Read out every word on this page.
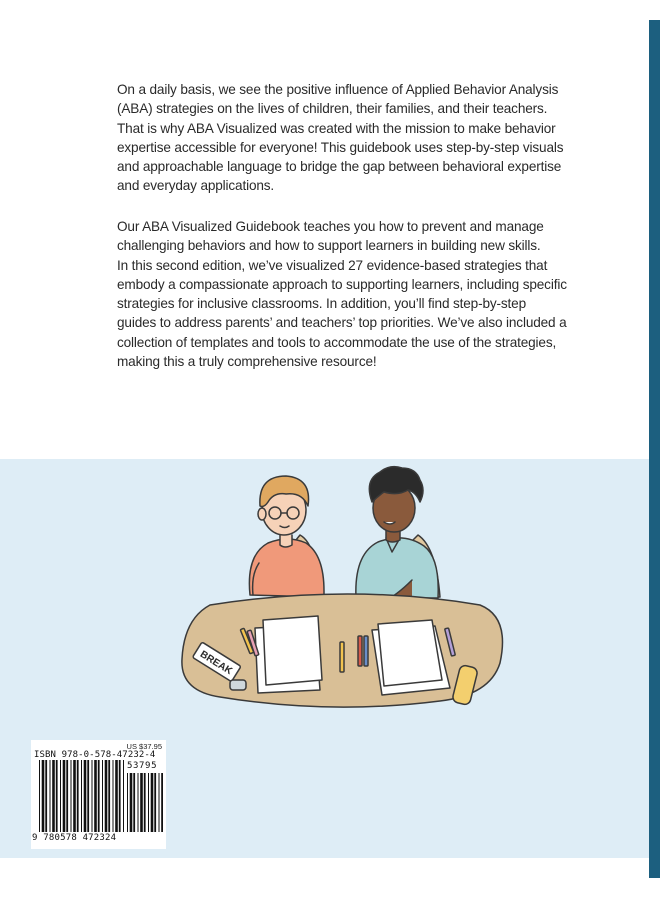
On a daily basis, we see the positive influence of Applied Behavior Analysis
(ABA) strategies on the lives of children, their families, and their teachers.
That is why ABA Visualized was created with the mission to make behavior
expertise accessible for everyone! This guidebook uses step-by-step visuals
and approachable language to bridge the gap between behavioral expertise
and everyday applications.
Our ABA Visualized Guidebook teaches you how to prevent and manage
challenging behaviors and how to support learners in building new skills.
In this second edition, we’ve visualized 27 evidence-based strategies that
embody a compassionate approach to supporting learners, including specific
strategies for inclusive classrooms. In addition, you’ll find step-by-step
guides to address parents’ and teachers’ top priorities. We’ve also included a
collection of templates and tools to accommodate the use of the strategies,
making this a truly comprehensive resource!
BREAK
US $37.95
ISBN 978-0-578-47232-4
53795
9 780578 472324
